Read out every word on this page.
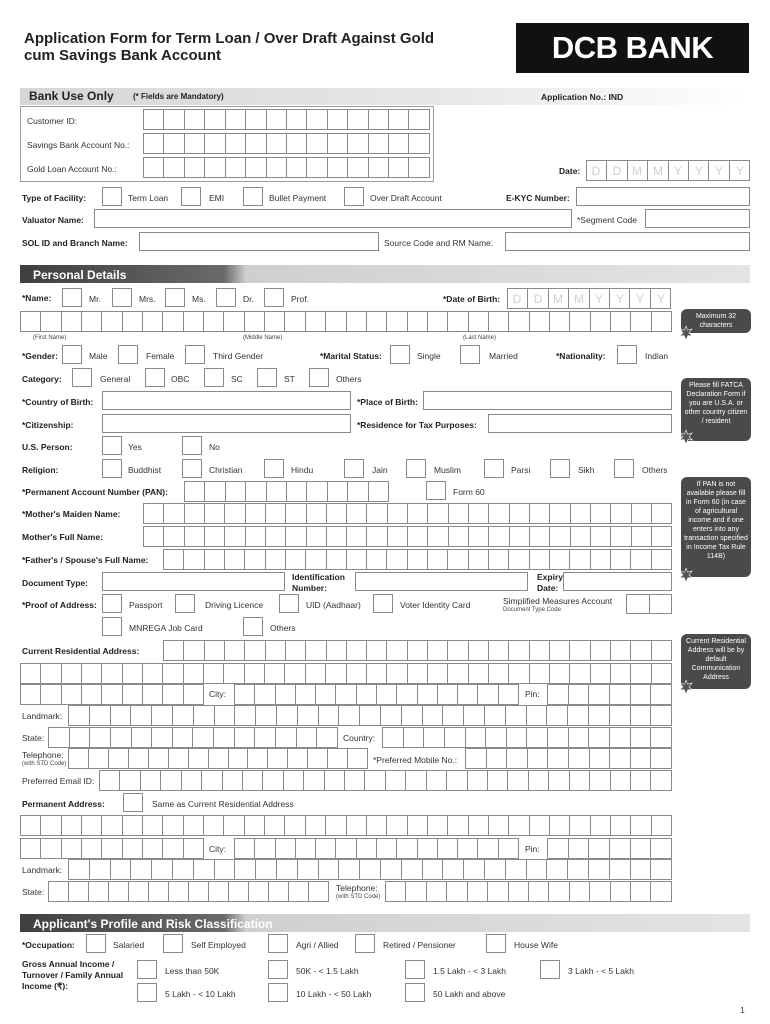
Application Form for Term Loan / Over Draft Against Gold
cum Savings Bank Account	DCB BANK
Bank Use Only (* Fields are Mandatory)	Application No.: IND
Customer ID:
Savings Bank Account No.:
Gold Loan Account No.:	Date: D	D M M Y	Y Y	Y
Type of Facility:	Term Loan	EMI	Bullet Payment	Over Draft Account	E-KYC Number:
Valuator Name:	*Segment Code
SOL ID and Branch Name:	Source Code and RM Name:
Personal Details
*Name:	Mr.	Mrs.	Ms.	Dr.	Prof.	*Date of Birth:	D	D M M Y	Y Y	Y
(First Name)	(Middle Name)	(Last Name)
Maximum 32 characters
*Gender:	Male	Female	Third Gender	*Marital Status:	Single	Married	*Nationality:	Indian
Category:	General	OBC	SC	ST	Others
*Country of Birth:	*Place of Birth:
*Citizenship:	*Residence for Tax Purposes:
Please fill FATCA Declaration Form if you are U.S.A. or other country citizen / resident
U.S. Person:	Yes	No
Religion:	Buddhist	Christian	Hindu	Jain	Muslim	Parsi	Sikh	Others
*Permanent Account Number (PAN):	Form 60
If PAN is not available please fill in Form 60 (in case of agricultural income and if one enters into any transaction specified in Income Tax Rule 114B)
*Mother's Maiden Name:
Mother's Full Name:
*Father's / Spouse's Full Name:
Document Type:
Identification
Number:
Expiry
Date:
*Proof of Address:	Passport	Driving Licence	UID (Aadhaar)	Voter Identity Card	Simplified Measures Account
Document Type Code
MNREGA Job Card	Others
Current Residential Address:
Current Residential Address will be by default Communication Address
City:	Pin:
Landmark:
State:	Country:
Telephone:
(with STD Code)	*Preferred Mobile No.:
Preferred Email ID:
Permanent Address:	Same as Current Residential Address
City:	Pin:
Landmark:
State:	Telephone:
(with STD Code)
Applicant's Profile and Risk Classification
*Occupation:	Salaried	Self Employed	Agri / Allied	Retired / Pensioner	House Wife
Gross Annual Income /
Turnover / Family Annual
Income (₹):
Less than 50K	50K - < 1.5 Lakh	1.5 Lakh - < 3 Lakh	3 Lakh - < 5 Lakh
5 Lakh - < 10 Lakh	10 Lakh - < 50 Lakh	50 Lakh and above
1
